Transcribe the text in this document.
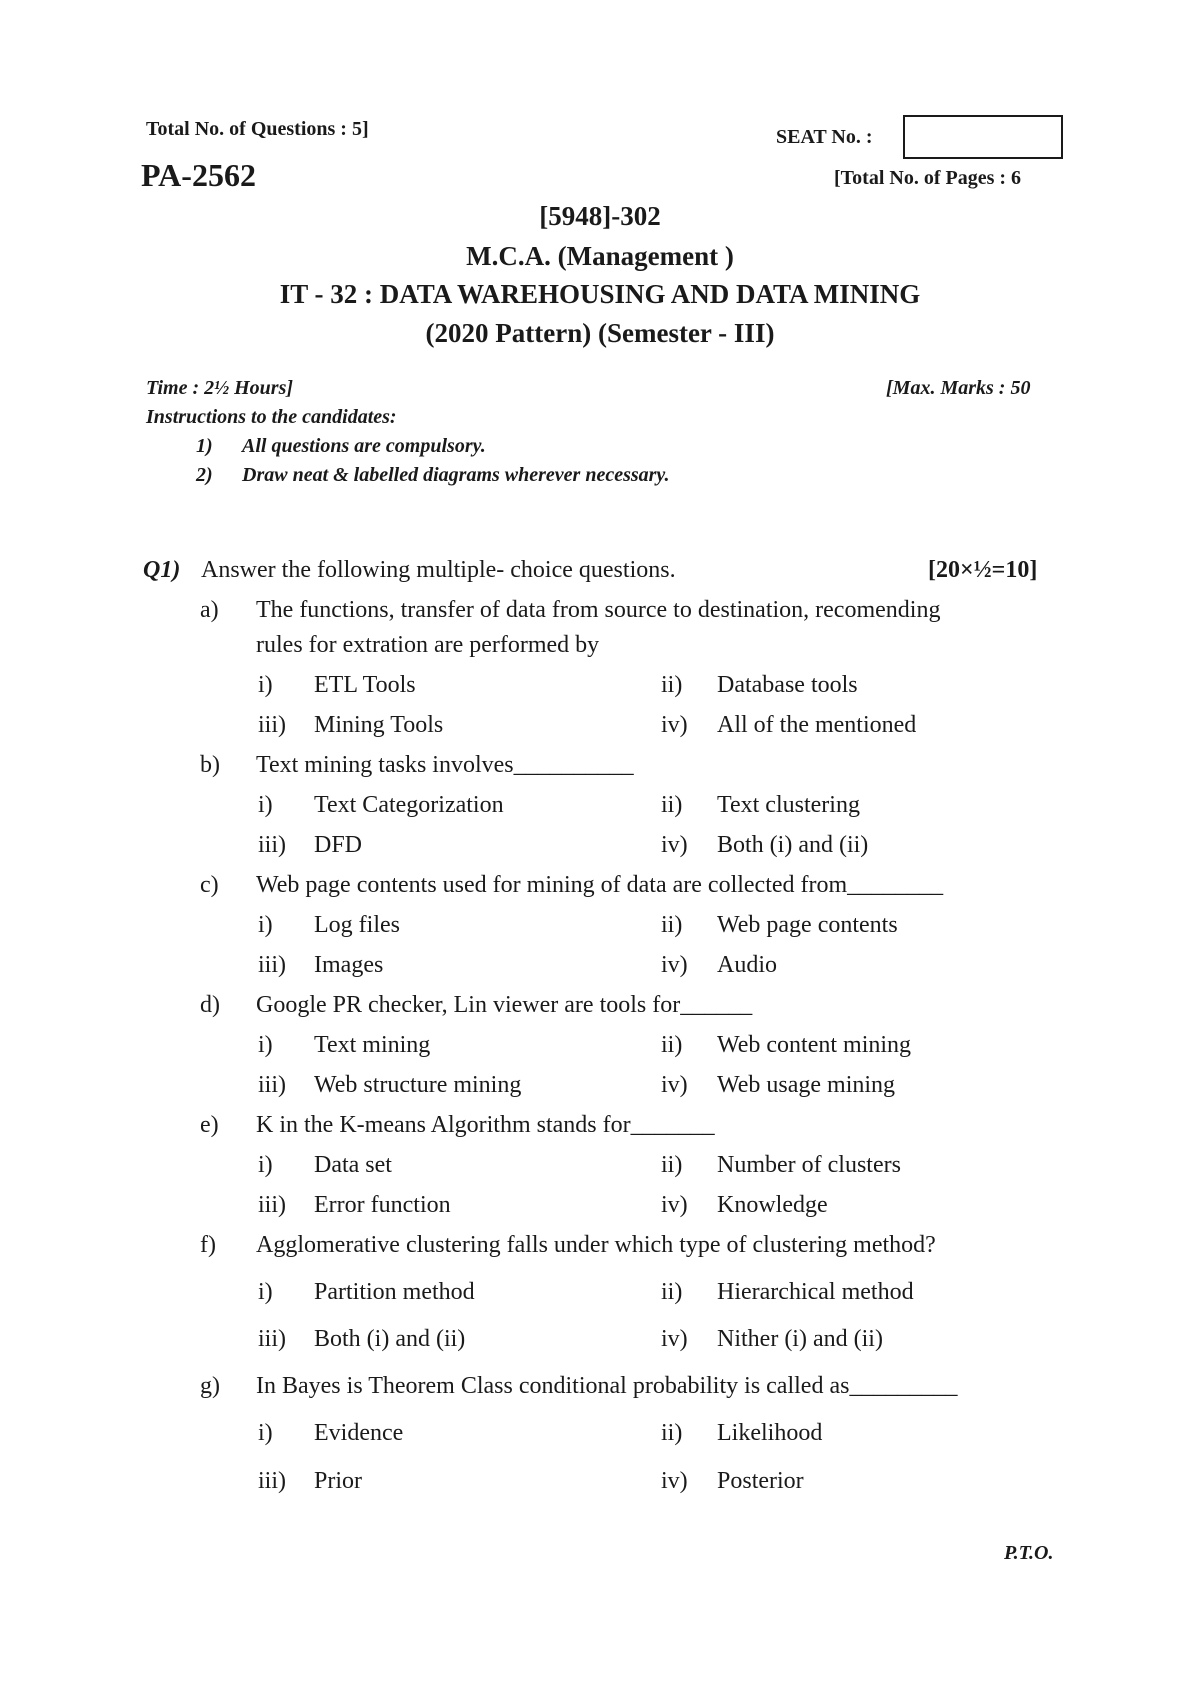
Total No. of Questions : 5]	SEAT No. :
PA-2562	[Total No. of Pages : 6
[5948]-302
M.C.A. (Management )
IT - 32 : DATA WAREHOUSING AND DATA MINING
(2020 Pattern) (Semester - III)
Time : 2½ Hours]	[Max. Marks : 50
Instructions to the candidates:
1) All questions are compulsory.
2) Draw neat & labelled diagrams wherever necessary.
Q1) Answer the following multiple- choice questions.	[20×½=10]
a) The functions, transfer of data from source to destination, recomending
rules for extration are performed by
i) ETL Tools	ii) Database tools
iii) Mining Tools	iv) All of the mentioned
b) Text mining tasks involves__________
i) Text Categorization	ii) Text clustering
iii) DFD	iv) Both (i) and (ii)
c) Web page contents used for mining of data are collected from________
i) Log files	ii) Web page contents
iii) Images	iv) Audio
d) Google PR checker, Lin viewer are tools for______
i) Text mining	ii) Web content mining
iii) Web structure mining	iv) Web usage mining
e) K in the K-means Algorithm stands for_______
i) Data set	ii) Number of clusters
iii) Error function	iv) Knowledge
f) Agglomerative clustering falls under which type of clustering method?
i) Partition method	ii) Hierarchical method
iii) Both (i) and (ii)	iv) Nither (i) and (ii)
g) In Bayes is Theorem Class conditional probability is called as_________
i) Evidence	ii) Likelihood
iii) Prior	iv) Posterior
P.T.O.
